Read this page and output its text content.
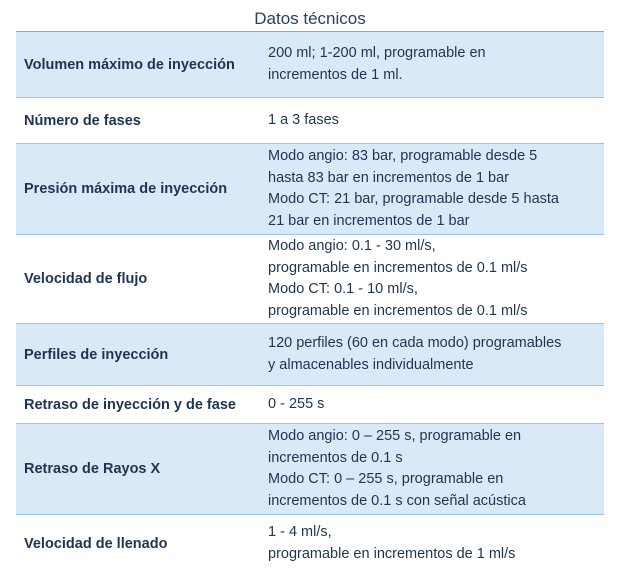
Datos técnicos
Volumen máximo de inyección
200 ml; 1-200 ml, programable en
incrementos de 1 ml.
Número de fases	1 a 3 fases
Presión máxima de inyección
Modo angio: 83 bar, programable desde 5
hasta 83 bar en incrementos de 1 bar
Modo CT: 21 bar, programable desde 5 hasta
21 bar en incrementos de 1 bar
Velocidad de flujo
Modo angio: 0.1 - 30 ml/s,
programable en incrementos de 0.1 ml/s
Modo CT: 0.1 - 10 ml/s,
programable en incrementos de 0.1 ml/s
Perfiles de inyección
120 perfiles (60 en cada modo) programables
y almacenables individualmente
Retraso de inyección y de fase	0 - 255 s
Retraso de Rayos X
Modo angio: 0 – 255 s, programable en
incrementos de 0.1 s
Modo CT: 0 – 255 s, programable en
incrementos de 0.1 s con señal acústica
Velocidad de llenado
1 - 4 ml/s,
programable en incrementos de 1 ml/s
